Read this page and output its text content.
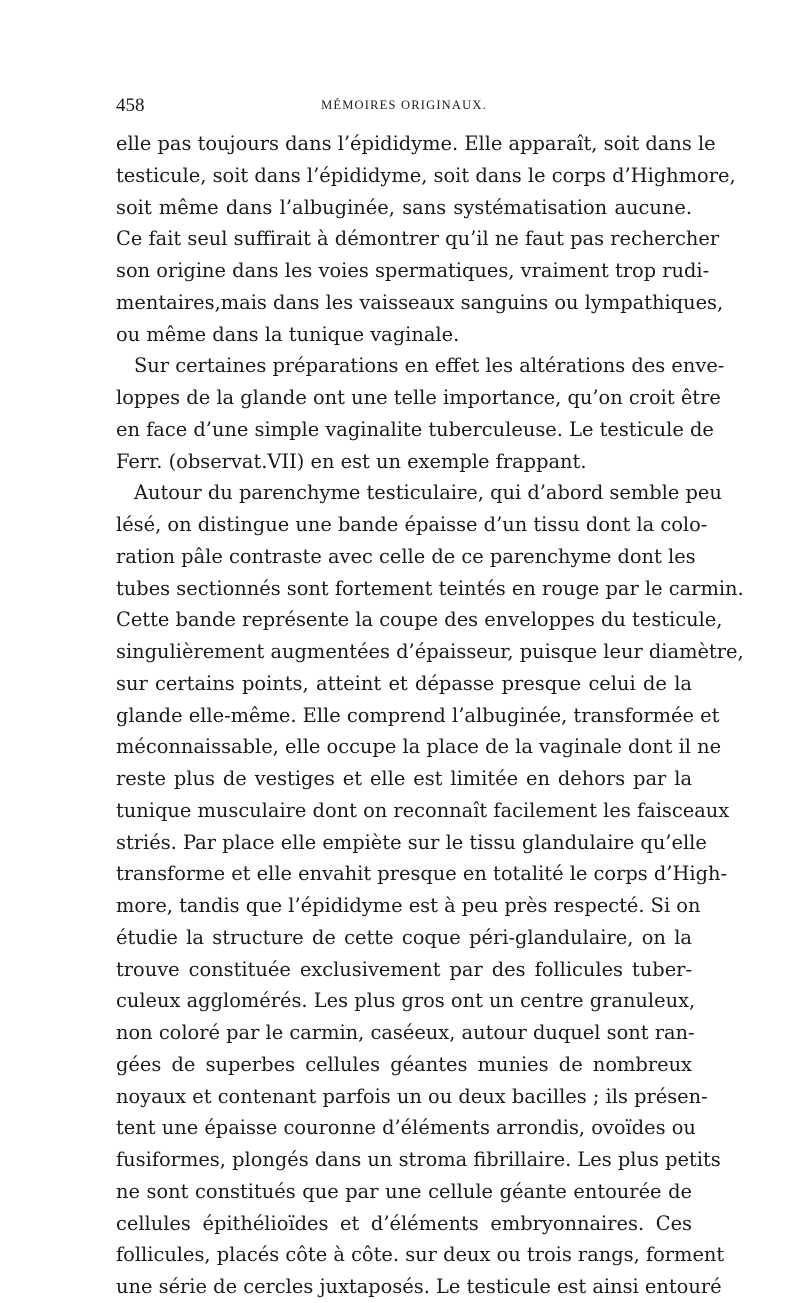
458	MÉMOIRES ORIGINAUX.
elle pas toujours dans l’épididyme. Elle apparaît, soit dans le
testicule, soit dans l’épididyme, soit dans le corps d’Highmore,
soit même dans l’albuginée, sans systématisation aucune.
Ce fait seul suffirait à démontrer qu’il ne faut pas rechercher
son origine dans les voies spermatiques, vraiment trop rudi-
mentaires,mais dans les vaisseaux sanguins ou lympathiques,
ou même dans la tunique vaginale.
Sur certaines préparations en effet les altérations des enve-
loppes de la glande ont une telle importance, qu’on croit être
en face d’une simple vaginalite tuberculeuse. Le testicule de
Ferr. (observat.VII) en est un exemple frappant.
Autour du parenchyme testiculaire, qui d’abord semble peu
lésé, on distingue une bande épaisse d’un tissu dont la colo-
ration pâle contraste avec celle de ce parenchyme dont les
tubes sectionnés sont fortement teintés en rouge par le carmin.
Cette bande représente la coupe des enveloppes du testicule,
singulièrement augmentées d’épaisseur, puisque leur diamètre,
sur certains points, atteint et dépasse presque celui de la
glande elle-même. Elle comprend l’albuginée, transformée et
méconnaissable, elle occupe la place de la vaginale dont il ne
reste plus de vestiges et elle est limitée en dehors par la
tunique musculaire dont on reconnaît facilement les faisceaux
striés. Par place elle empiète sur le tissu glandulaire qu’elle
transforme et elle envahit presque en totalité le corps d’High-
more, tandis que l’épididyme est à peu près respecté. Si on
étudie la structure de cette coque péri-glandulaire, on la
trouve constituée exclusivement par des follicules tuber-
culeux agglomérés. Les plus gros ont un centre granuleux,
non coloré par le carmin, caséeux, autour duquel sont ran-
gées de superbes cellules géantes munies de nombreux
noyaux et contenant parfois un ou deux bacilles ; ils présen-
tent une épaisse couronne d’éléments arrondis, ovoïdes ou
fusiformes, plongés dans un stroma fibrillaire. Les plus petits
ne sont constitués que par une cellule géante entourée de
cellules épithélioïdes et d’éléments embryonnaires. Ces
follicules, placés côte à côte. sur deux ou trois rangs, forment
une série de cercles juxtaposés. Le testicule est ainsi entouré
